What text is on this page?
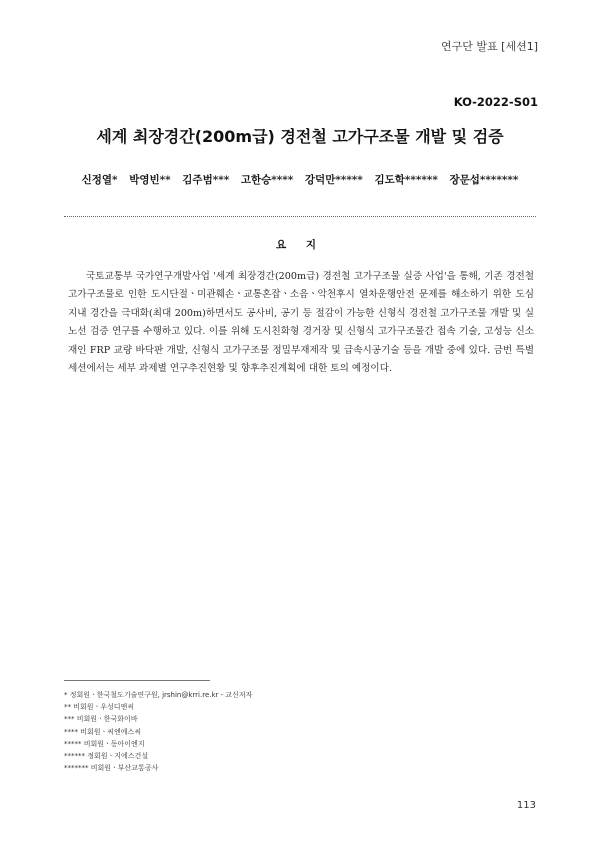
연구단 발표 [세션1]
KO-2022-S01
세계 최장경간(200m급) 경전철 고가구조물 개발 및 검증
신정열* 박영빈** 김주범*** 고한승**** 강덕만***** 김도학****** 장문섭*******
요 지

국토교통부 국가연구개발사업 '세계 최장경간(200m급) 경전철 고가구조물 실증 사업'을 통해, 기존 경전철 고가구조물로 인한 도시단절ㆍ미관훼손ㆍ교통혼잡ㆍ소음ㆍ악천후시 열차운행안전 문제를 해소하기 위한 도심지내 경간을 극대화(최대 200m)하면서도 공사비, 공기 등 절감이 가능한 신형식 경전철 고가구조물 개발 및 실노선 검증 연구를 수행하고 있다. 이를 위해 도시친화형 경거장 및 신형식 고가구조물간 접속 기술, 고성능 신소재인 FRP 교량 바닥판 개발, 신형식 고가구조물 정밀부재제작 및 급속시공기술 등을 개발 중에 있다. 금번 특별세션에서는 세부 과제별 연구추진현황 및 향후추진계획에 대한 토의 예정이다.

* 정회원ㆍ한국철도기술연구원, jrshin@krri.re.kr - 교신저자
** 비회원ㆍ우성디앤씨
*** 비회원ㆍ한국화이바
**** 비회원ㆍ씨엔에스씨
***** 비회원ㆍ동아이엔지
****** 정회원ㆍ지에스건설
******* 비회원ㆍ부산교통공사
113
